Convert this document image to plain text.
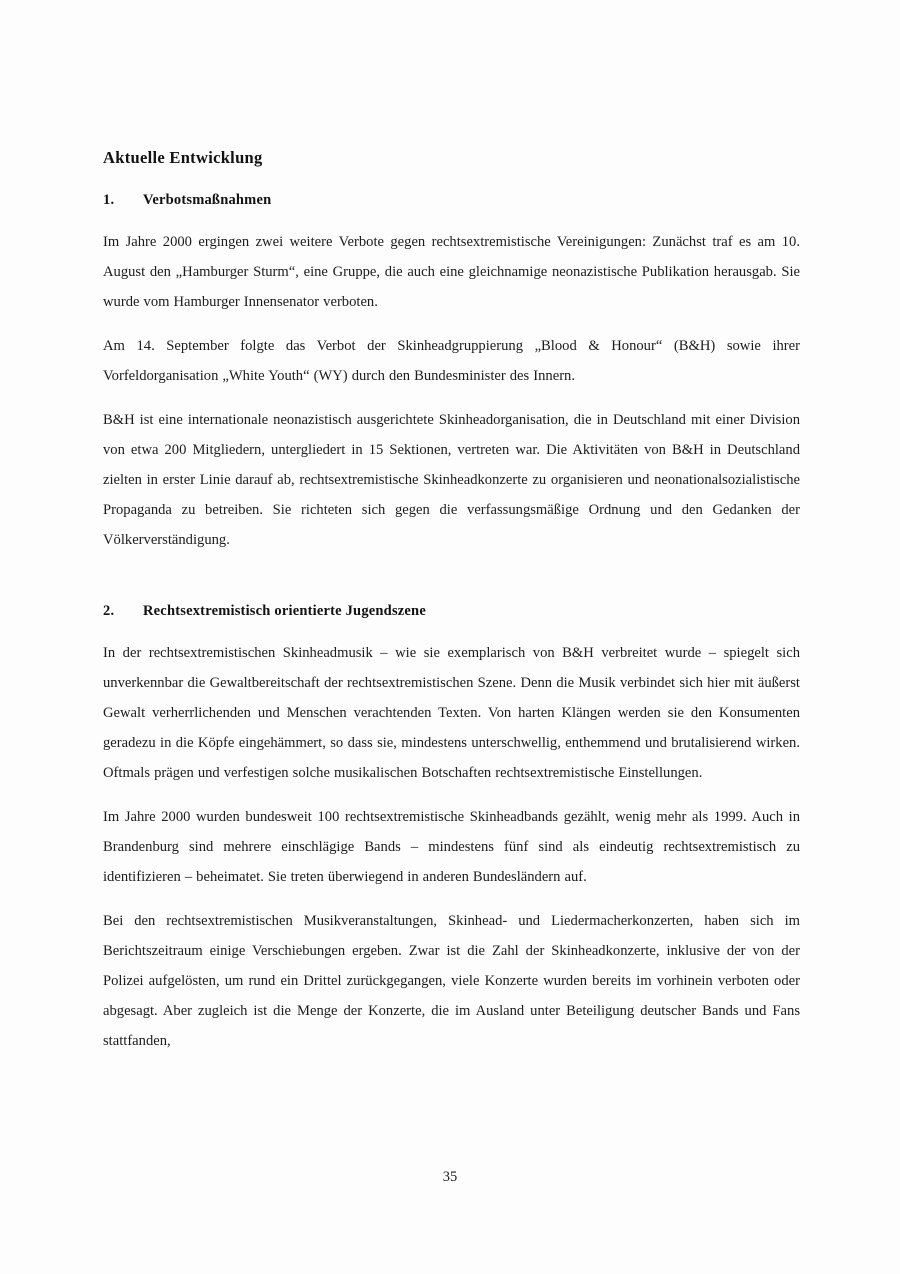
Aktuelle Entwicklung
1.	Verbotsmaßnahmen

Im Jahre 2000 ergingen zwei weitere Verbote gegen rechtsextremistische Vereinigungen: Zunächst traf es am 10. August den „Hamburger Sturm“, eine Gruppe, die auch eine gleichnamige neonazistische Publikation herausgab. Sie wurde vom Hamburger Innensenator verboten.

Am 14. September folgte das Verbot der Skinheadgruppierung „Blood & Honour“ (B&H) sowie ihrer Vorfeldorganisation „White Youth“ (WY) durch den Bundesminister des Innern.

B&H ist eine internationale neonazistisch ausgerichtete Skinheadorganisation, die in Deutschland mit einer Division von etwa 200 Mitgliedern, untergliedert in 15 Sektionen, vertreten war. Die Aktivitäten von B&H in Deutschland zielten in erster Linie darauf ab, rechtsextremistische Skinheadkonzerte zu organisieren und neonationalsozialistische Propaganda zu betreiben. Sie richteten sich gegen die verfassungsmäßige Ordnung und den Gedanken der Völkerverständigung.

2.	Rechtsextremistisch orientierte Jugendszene

In der rechtsextremistischen Skinheadmusik – wie sie exemplarisch von B&H verbreitet wurde – spiegelt sich unverkennbar die Gewaltbereitschaft der rechtsextremistischen Szene. Denn die Musik verbindet sich hier mit äußerst Gewalt verherrlichenden und Menschen verachtenden Texten. Von harten Klängen werden sie den Konsumenten geradezu in die Köpfe eingehämmert, so dass sie, mindestens unterschwellig, enthemmend und brutalisierend wirken. Oftmals prägen und verfestigen solche musikalischen Botschaften rechtsextremistische Einstellungen.

Im Jahre 2000 wurden bundesweit 100 rechtsextremistische Skinheadbands gezählt, wenig mehr als 1999. Auch in Brandenburg sind mehrere einschlägige Bands – mindestens fünf sind als eindeutig rechtsextremistisch zu identifizieren – beheimatet. Sie treten überwiegend in anderen Bundesländern auf.

Bei den rechtsextremistischen Musikveranstaltungen, Skinhead- und Liedermacherkonzerten, haben sich im Berichtszeitraum einige Verschiebungen ergeben. Zwar ist die Zahl der Skinheadkonzerte, inklusive der von der Polizei aufgelösten, um rund ein Drittel zurückgegangen, viele Konzerte wurden bereits im vorhinein verboten oder abgesagt. Aber zugleich ist die Menge der Konzerte, die im Ausland unter Beteiligung deutscher Bands und Fans stattfanden,

35
